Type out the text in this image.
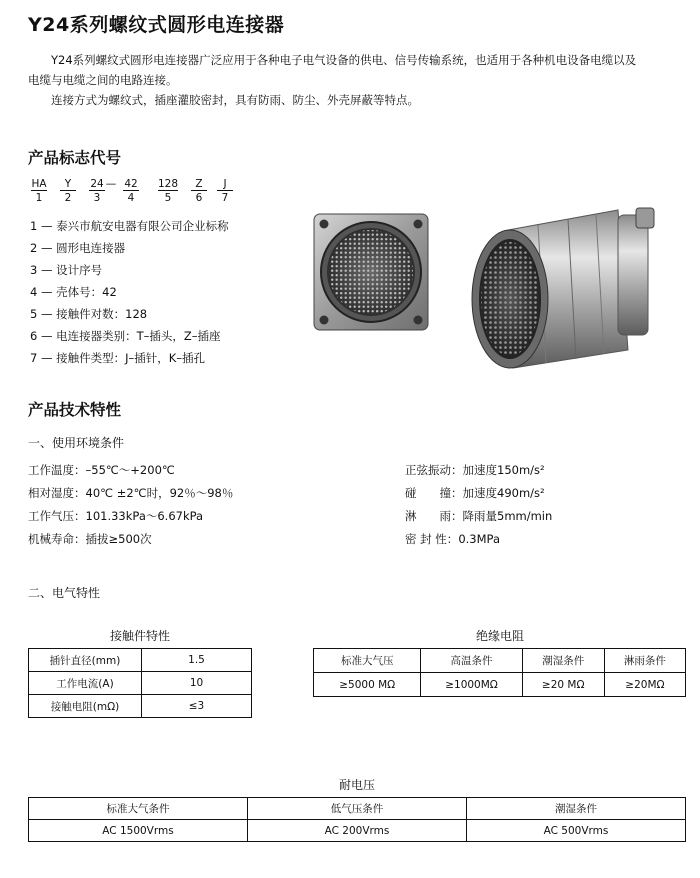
Y24系列螺纹式圆形电连接器
Y24系列螺纹式圆形电连接器广泛应用于各种电子电气设备的供电、信号传输系统，也适用于各种机电设备电缆以及
电缆与电缆之间的电路连接。
连接方式为螺纹式，插座灌胶密封，具有防雨、防尘、外壳屏蔽等特点。
产品标志代号
HA	Y	24 — 42	128	Z	J
1	2	3	4	5	6	7
1 — 泰兴市航安电器有限公司企业标称
2 — 圆形电连接器
3 — 设计序号
4 — 壳体号：42
5 — 接触件对数：128
6 — 电连接器类别：T–插头，Z–插座
7 — 接触件类型：J–插针，K–插孔
产品技术特性
一、使用环境条件
工作温度：–55℃～+200℃
相对湿度：40℃ ±2℃时，92％～98％
工作气压：101.33kPa～6.67kPa
机械寿命：插拔≥500次
正弦振动：加速度150m/s²
碰　　撞：加速度490m/s²
淋　　雨：降雨量5mm/min
密 封 性：0.3MPa
二、电气特性
接触件特性
插针直径(mm)	1.5
工作电流(A)	10
接触电阻(mΩ)	≤3
绝缘电阻
标准大气压	高温条件	潮湿条件	淋雨条件
≥5000 MΩ	≥1000MΩ	≥20 MΩ	≥20MΩ
耐电压
标准大气条件	低气压条件	潮湿条件
AC 1500Vrms	AC 200Vrms	AC 500Vrms
